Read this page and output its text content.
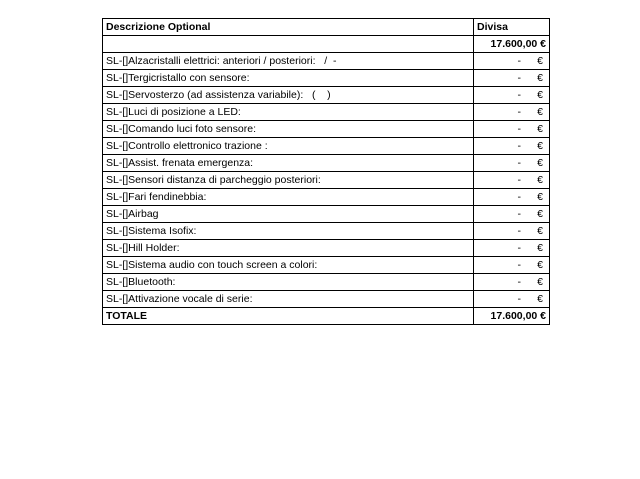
Descrizione Optional	Divisa
	17.600,00 €
SL-[]Alzacristalli elettrici: anteriori / posteriori:   /  -	- €

SL-[]Tergicristallo con sensore:	- €

SL-[]Servosterzo (ad assistenza variabile):   (    )	- €

SL-[]Luci di posizione a LED:	- €

SL-[]Comando luci foto sensore:	- €

SL-[]Controllo elettronico trazione :	- €

SL-[]Assist. frenata emergenza:	- €

SL-[]Sensori distanza di parcheggio posteriori:	- €

SL-[]Fari fendinebbia:	- €

SL-[]Airbag	- €

SL-[]Sistema Isofix:	- €

SL-[]Hill Holder:	- €

SL-[]Sistema audio con touch screen a colori:	- €

SL-[]Bluetooth:	- €

SL-[]Attivazione vocale di serie:	- €

TOTALE	17.600,00 €
